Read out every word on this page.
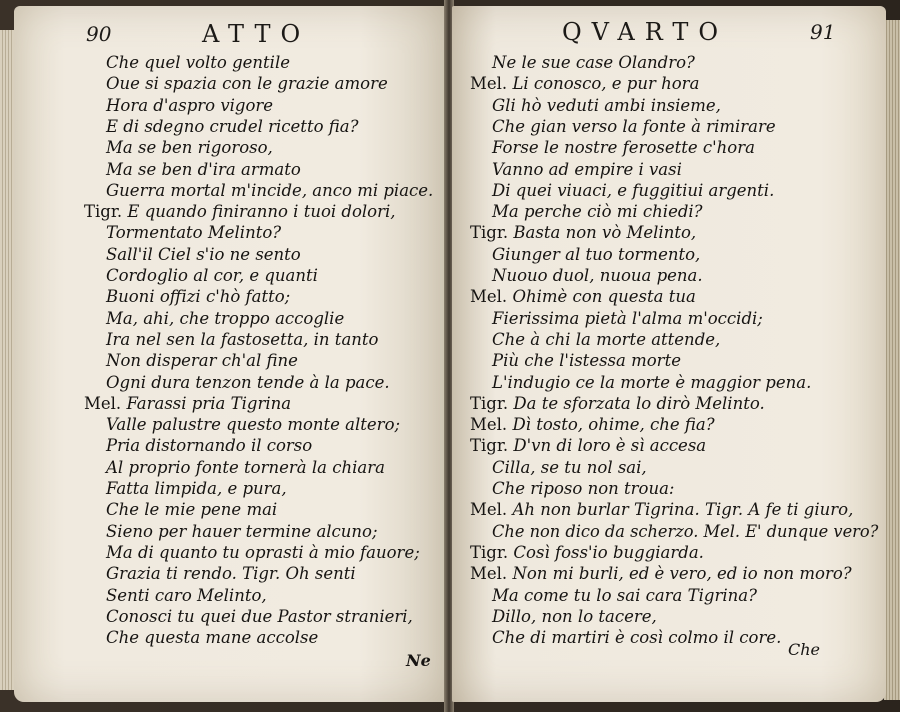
90	ATTO
Che quel volto gentile
Oue si spazia con le grazie amore
Hora d'aspro vigore
E di sdegno crudel ricetto fia?
Ma se ben rigoroso,
Ma se ben d'ira armato
Guerra mortal m'incide, anco mi piace.
Tigr. E quando finiranno i tuoi dolori,
Tormentato Melinto?
Sall'il Ciel s'io ne sento
Cordoglio al cor, e quanti
Buoni offizi c'hò fatto;
Ma, ahi, che troppo accoglie
Ira nel sen la fastosetta, in tanto
Non disperar ch'al fine
Ogni dura tenzon tende à la pace.
Mel. Farassi pria Tigrina
Valle palustre questo monte altero;
Pria distornando il corso
Al proprio fonte tornerà la chiara
Fatta limpida, e pura,
Che le mie pene mai
Sieno per hauer termine alcuno;
Ma di quanto tu oprasti à mio fauore;
Grazia ti rendo. Tigr. Oh senti
Senti caro Melinto,
Conosci tu quei due Pastor stranieri,
Che questa mane accolse
Ne
QVARTO	91
Ne le sue case Olandro?
Mel. Li conosco, e pur hora
Gli hò veduti ambi insieme,
Che gian verso la fonte à rimirare
Forse le nostre ferosette c'hora
Vanno ad empire i vasi
Di quei viuaci, e fuggitiui argenti.
Ma perche ciò mi chiedi?
Tigr. Basta non vò Melinto,
Giunger al tuo tormento,
Nuouo duol, nuoua pena.
Mel. Ohimè con questa tua
Fierissima pietà l'alma m'occidi;
Che à chi la morte attende,
Più che l'istessa morte
L'indugio ce la morte è maggior pena.
Tigr. Da te sforzata lo dirò Melinto.
Mel. Dì tosto, ohime, che fia?
Tigr. D'vn di loro è sì accesa
Cilla, se tu nol sai,
Che riposo non troua:
Mel. Ah non burlar Tigrina. Tigr. A fe ti giuro,
Che non dico da scherzo. Mel. E' dunque vero?
Tigr. Così foss'io buggiarda.
Mel. Non mi burli, ed è vero, ed io non moro?
Ma come tu lo sai cara Tigrina?
Dillo, non lo tacere,
Che di martiri è così colmo il core.
Che
